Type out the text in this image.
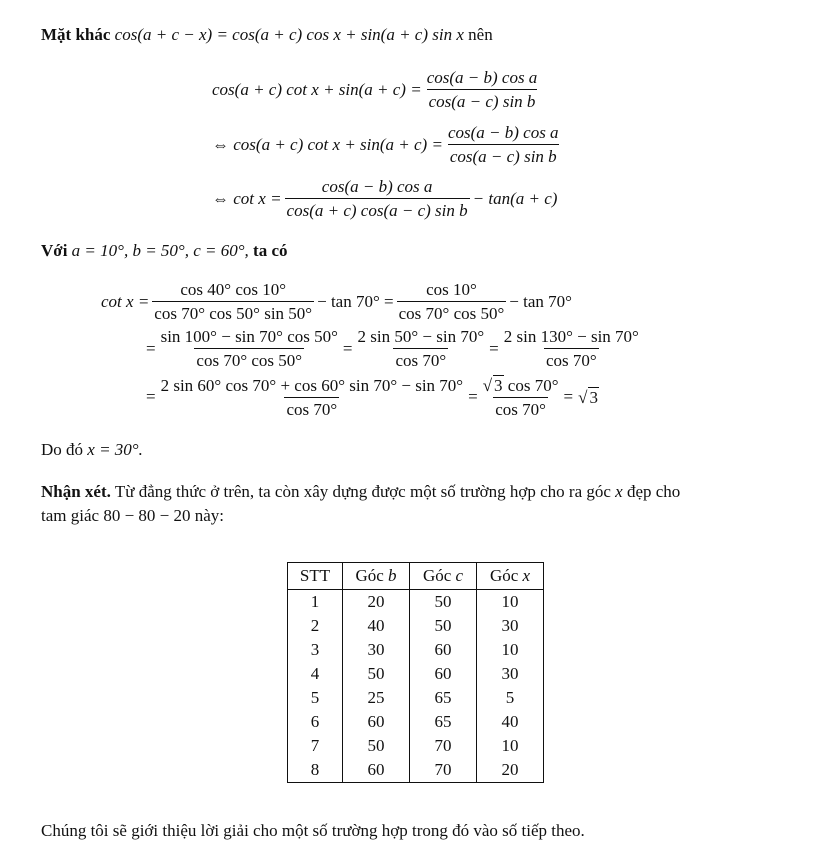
Mặt khác cos(a + c − x) = cos(a + c) cos x + sin(a + c) sin x nên
cos(a + c) $\cot x + \sin(a + c) = \frac{\text{cos(a − b) cos a}}{\text{cos(a − c) sin b}}$
⇔ cos(a + c) $\cot x + \sin(a + c) = \frac{\text{cos(a − b) cos a}}{\text{cos(a − c) sin b}}$
⇔ $\cot x = \frac{\text{cos(a − b) cos a}}{\text{cos(a + c) cos(a − c) sin b}} - \tan(a + c)$
Với a = 10°, b = 50°, c = 60°, ta có
$\cot x = \frac{\cos 40^\circ \cos 10^\circ}{\cos 70^\circ \cos 50^\circ \sin 50^\circ} - \tan 70^\circ = \frac{\cos 10^\circ}{\cos 70^\circ \cos 50^\circ} - \tan 70^\circ$
= $\frac{\sin 100^\circ - \sin 70^\circ \cos 50^\circ}{\cos 70^\circ \cos 50^\circ} = \frac{2 \sin 50^\circ - \sin 70^\circ}{\cos 70^\circ} = \frac{2 \sin 130^\circ - \sin 70^\circ}{\cos 70^\circ}$
= $\frac{2 \sin 60^\circ \cos 70^\circ + \cos 60^\circ \sin 70^\circ - \sin 70^\circ}{\cos 70^\circ} = \frac{√ 3 \cos 70^\circ}{\cos 70^\circ}$ = √ 3
Do đó x = 30°.
Nhận xét. Từ đẳng thức ở trên, ta còn xây dựng được một số trường hợp cho ra góc x đẹp cho
tam giác 80 − 80 − 20 này:
STT	Góc b	Góc c	Góc x
1	20	50	10
2	40	50	30
3	30	60	10
4	50	60	30
5	25	65	5
6	60	65	40
7	50	70	10
8	60	70	20
Chúng tôi sẽ giới thiệu lời giải cho một số trường hợp trong đó vào số tiếp theo.
